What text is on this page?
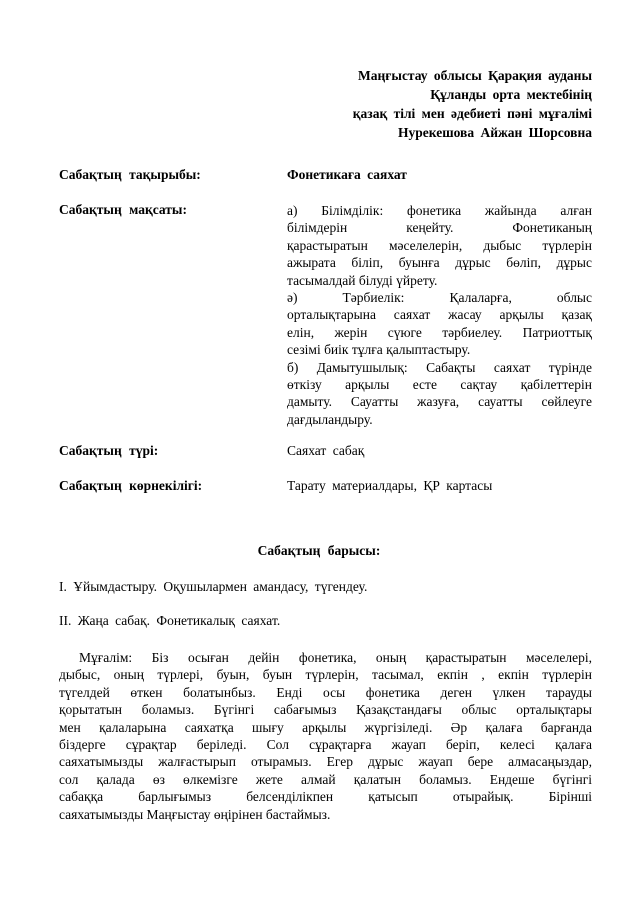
Маңғыстау облысы Қарақия ауданы
Құланды орта мектебінің
қазақ тілі мен әдебиеті пәні мұғалімі
Нурекешова Айжан Шорсовна
Сабақтың тақырыбы:	Фонетикаға саяхат
Сабақтың мақсаты:	а) Білімділік: фонетика жайында алған
білімдерін кеңейту. Фонетиканың
қарастыратын мәселелерін, дыбыс түрлерін
ажырата біліп, буынға дұрыс бөліп, дұрыс
тасымалдай білуді үйрету.
ә) Тәрбиелік: Қалаларға, облыс
орталықтарына саяхат жасау арқылы қазақ
елін, жерін сүюге тәрбиелеу. Патриоттық
сезімі биік тұлға қалыптастыру.
б) Дамытушылық: Сабақты саяхат түрінде
өткізу арқылы есте сақтау қабілеттерін
дамыту. Сауатты жазуға, сауатты сөйлеуге
дағдыландыру.
Сабақтың түрі:	Саяхат сабақ
Сабақтың көрнекілігі:	Тарату материалдары, ҚР картасы
Сабақтың барысы:
І. Ұйымдастыру. Оқушылармен амандасу, түгендеу.
ІІ. Жаңа сабақ. Фонетикалық саяхат.
Мұғалім: Біз осыған дейін фонетика, оның қарастыратын мәселелері,
дыбыс, оның түрлері, буын, буын түрлерін, тасымал, екпін , екпін түрлерін
түгелдей өткен болатынбыз. Енді осы фонетика деген үлкен тарауды
қорытатын боламыз. Бүгінгі сабағымыз Қазақстандағы облыс орталықтары
мен қалаларына саяхатқа шығу арқылы жүргізіледі. Әр қалаға барғанда
біздерге сұрақтар беріледі. Сол сұрақтарға жауап беріп, келесі қалаға
саяхатымызды жалғастырып отырамыз. Егер дұрыс жауап бере алмасаңыздар,
сол қалада өз өлкемізге жете алмай қалатын боламыз. Ендеше бүгінгі
сабаққа барлығымыз белсенділікпен қатысып отырайық. Бірінші
саяхатымызды Маңғыстау өңірінен бастаймыз.
